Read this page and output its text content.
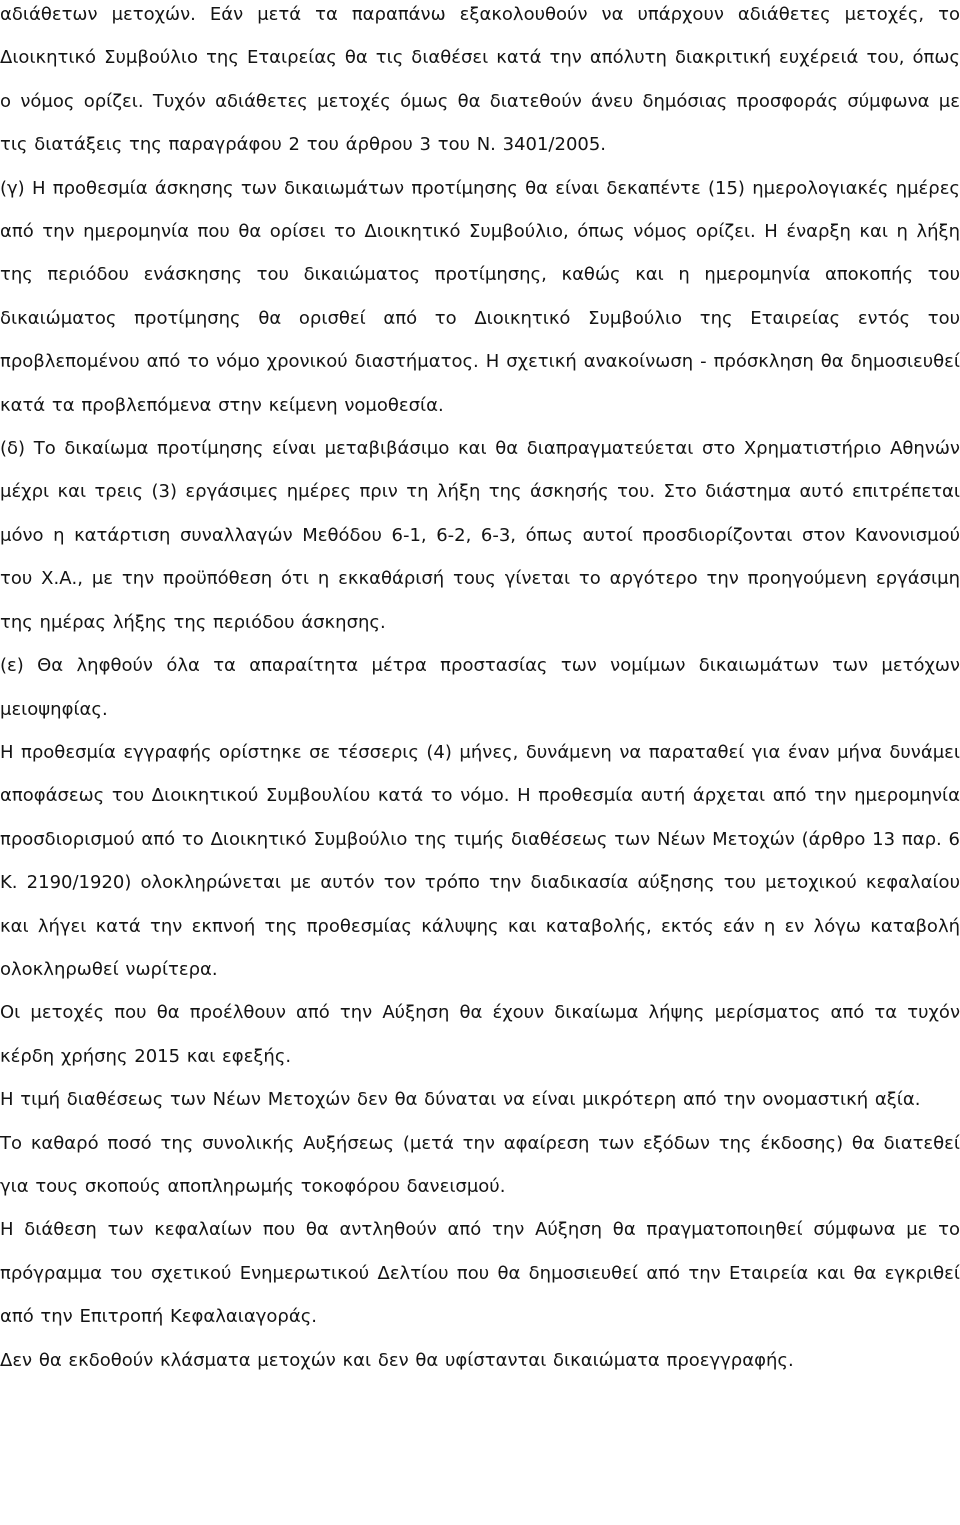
αδιάθετων μετοχών. Εάν μετά τα παραπάνω εξακολουθούν να υπάρχουν αδιάθετες μετοχές, το Διοικητικό Συμβούλιο της Εταιρείας θα τις διαθέσει κατά την απόλυτη διακριτική ευχέρειά του, όπως ο νόμος ορίζει. Τυχόν αδιάθετες μετοχές όμως θα διατεθούν άνευ δημόσιας προσφοράς σύμφωνα με τις διατάξεις της παραγράφου 2 του άρθρου 3 του Ν. 3401/2005.

(γ) Η προθεσμία άσκησης των δικαιωμάτων προτίμησης θα είναι δεκαπέντε (15) ημερολογιακές ημέρες από την ημερομηνία που θα ορίσει το Διοικητικό Συμβούλιο, όπως νόμος ορίζει. Η έναρξη και η λήξη της περιόδου ενάσκησης του δικαιώματος προτίμησης, καθώς και η ημερομηνία αποκοπής του δικαιώματος προτίμησης θα ορισθεί από το Διοικητικό Συμβούλιο της Εταιρείας εντός του προβλεπομένου από το νόμο χρονικού διαστήματος. Η σχετική ανακοίνωση - πρόσκληση θα δημοσιευθεί κατά τα προβλεπόμενα στην κείμενη νομοθεσία.

(δ) Το δικαίωμα προτίμησης είναι μεταβιβάσιμο και θα διαπραγματεύεται στο Χρηματιστήριο Αθηνών μέχρι και τρεις (3) εργάσιμες ημέρες πριν τη λήξη της άσκησής του. Στο διάστημα αυτό επιτρέπεται μόνο η κατάρτιση συναλλαγών Μεθόδου 6-1, 6-2, 6-3, όπως αυτοί προσδιορίζονται στον Κανονισμού του Χ.Α., με την προϋπόθεση ότι η εκκαθάρισή τους γίνεται το αργότερο την προηγούμενη εργάσιμη της ημέρας λήξης της περιόδου άσκησης.

(ε) Θα ληφθούν όλα τα απαραίτητα μέτρα προστασίας των νομίμων δικαιωμάτων των μετόχων μειοψηφίας.

Η προθεσμία εγγραφής ορίστηκε σε τέσσερις (4) μήνες, δυνάμενη να παραταθεί για έναν μήνα δυνάμει αποφάσεως του Διοικητικού Συμβουλίου κατά το νόμο. Η προθεσμία αυτή άρχεται από την ημερομηνία προσδιορισμού από το Διοικητικό Συμβούλιο της τιμής διαθέσεως των Νέων Μετοχών (άρθρο 13 παρ. 6 Κ. 2190/1920) ολοκληρώνεται με αυτόν τον τρόπο την διαδικασία αύξησης του μετοχικού κεφαλαίου και λήγει κατά την εκπνοή της προθεσμίας κάλυψης και καταβολής, εκτός εάν η εν λόγω καταβολή ολοκληρωθεί νωρίτερα.

Οι μετοχές που θα προέλθουν από την Αύξηση θα έχουν δικαίωμα λήψης μερίσματος από τα τυχόν κέρδη χρήσης 2015 και εφεξής.

Η τιμή διαθέσεως των Νέων Μετοχών δεν θα δύναται να είναι μικρότερη από την ονομαστική αξία.

Το καθαρό ποσό της συνολικής Αυξήσεως (μετά την αφαίρεση των εξόδων της έκδοσης) θα διατεθεί για τους σκοπούς αποπληρωμής τοκοφόρου δανεισμού.

Η διάθεση των κεφαλαίων που θα αντληθούν από την Αύξηση θα πραγματοποιηθεί σύμφωνα με το πρόγραμμα του σχετικού Ενημερωτικού Δελτίου που θα δημοσιευθεί από την Εταιρεία και θα εγκριθεί από την Επιτροπή Κεφαλαιαγοράς.

Δεν θα εκδοθούν κλάσματα μετοχών και δεν θα υφίστανται δικαιώματα προεγγραφής.
